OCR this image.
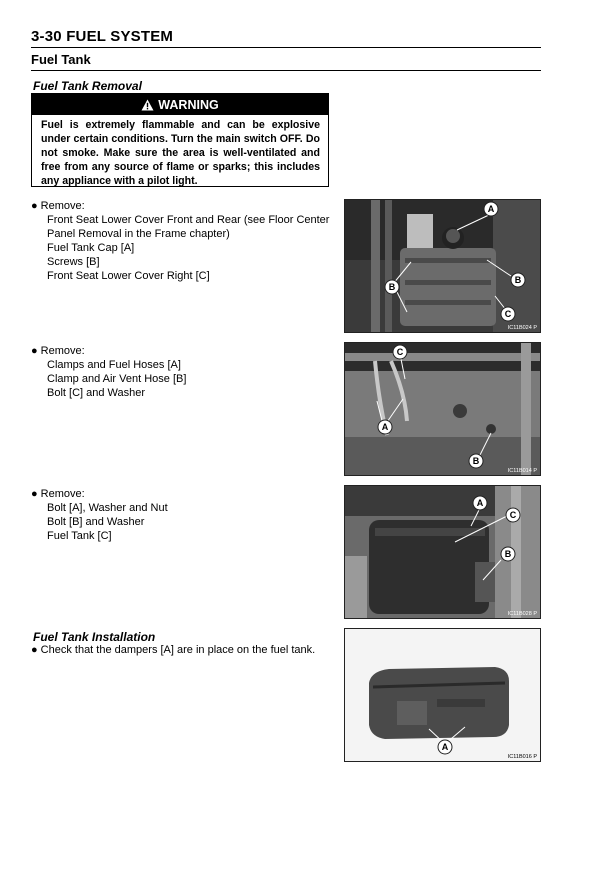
3-30 FUEL SYSTEM
Fuel Tank
Fuel Tank Removal
WARNING
Fuel is extremely flammable and can be explosive under certain conditions. Turn the main switch OFF. Do not smoke. Make sure the area is well-ventilated and free from any source of flame or sparks; this includes any appliance with a pilot light.
● Remove:
Front Seat Lower Cover Front and Rear (see Floor Center Panel Removal in the Frame chapter)
Fuel Tank Cap [A]
Screws [B]
Front Seat Lower Cover Right [C]
A
B
B
C
IC11B024 P
● Remove:
Clamps and Fuel Hoses [A]
Clamp and Air Vent Hose [B]
Bolt [C] and Washer
C
A
B
IC11B014 P
● Remove:
Bolt [A], Washer and Nut
Bolt [B] and Washer
Fuel Tank [C]
A
C
B
IC11B028 P
Fuel Tank Installation
● Check that the dampers [A] are in place on the fuel tank.
A
IC11B016 P
